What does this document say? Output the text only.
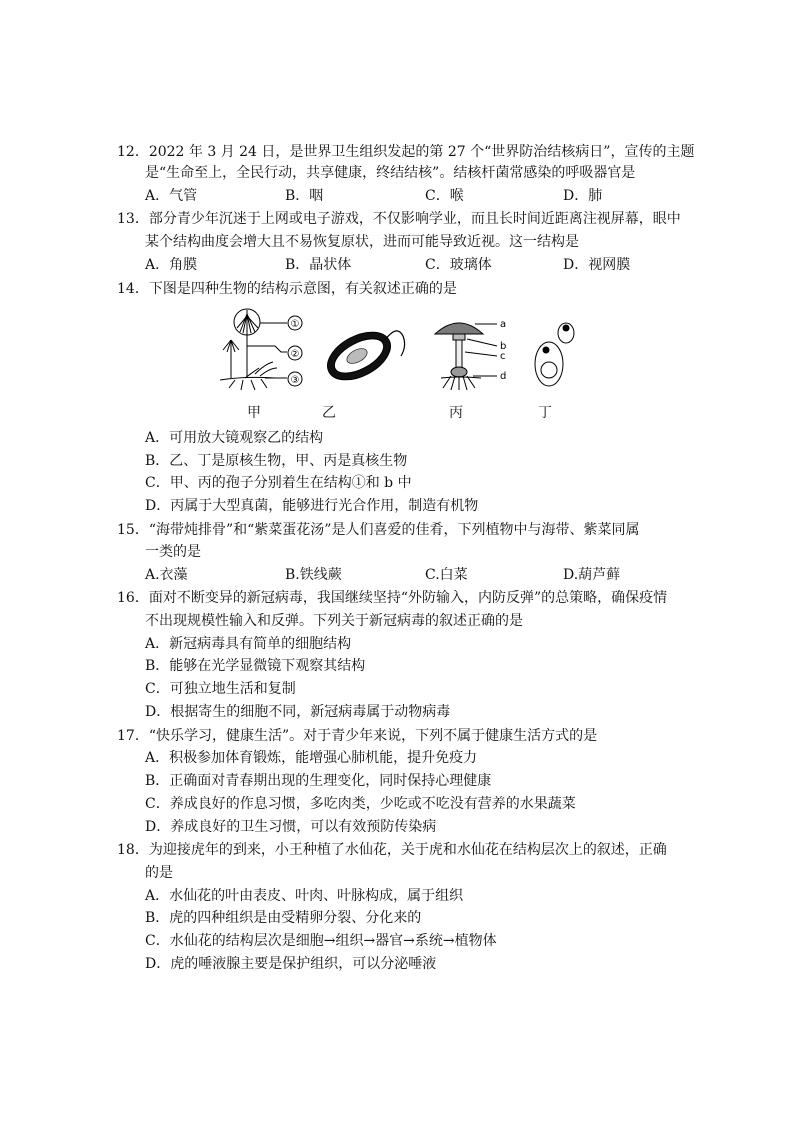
12．2022 年 3 月 24 日，是世界卫生组织发起的第 27 个“世界防治结核病日”，宣传的主题
是“生命至上，全民行动，共享健康，终结结核”。结核杆菌常感染的呼吸器官是
A．气管	B．咽	C．喉	D．肺
13．部分青少年沉迷于上网或电子游戏，不仅影响学业，而且长时间近距离注视屏幕，眼中
某个结构曲度会增大且不易恢复原状，进而可能导致近视。这一结构是
A．角膜	B．晶状体	C．玻璃体	D．视网膜
14．下图是四种生物的结构示意图，有关叙述正确的是
①
②
③
a
b
c
d
甲	乙	丙	丁
A．可用放大镜观察乙的结构
B．乙、丁是原核生物，甲、丙是真核生物
C．甲、丙的孢子分别着生在结构①和 b 中
D．丙属于大型真菌，能够进行光合作用，制造有机物
15．“海带炖排骨”和“紫菜蛋花汤”是人们喜爱的佳肴，下列植物中与海带、紫菜同属
一类的是
A.衣藻	B.铁线蕨	C.白菜	D.葫芦藓
16．面对不断变异的新冠病毒，我国继续坚持“外防输入，内防反弹”的总策略，确保疫情
不出现规模性输入和反弹。下列关于新冠病毒的叙述正确的是
A．新冠病毒具有简单的细胞结构
B．能够在光学显微镜下观察其结构
C．可独立地生活和复制
D．根据寄生的细胞不同，新冠病毒属于动物病毒
17．“快乐学习，健康生活”。对于青少年来说，下列不属于健康生活方式的是
A．积极参加体育锻炼，能增强心肺机能，提升免疫力
B．正确面对青春期出现的生理变化，同时保持心理健康
C．养成良好的作息习惯，多吃肉类，少吃或不吃没有营养的水果蔬菜
D．养成良好的卫生习惯，可以有效预防传染病
18．为迎接虎年的到来，小王种植了水仙花，关于虎和水仙花在结构层次上的叙述，正确
的是
A．水仙花的叶由表皮、叶肉、叶脉构成，属于组织
B．虎的四种组织是由受精卵分裂、分化来的
C．水仙花的结构层次是细胞→组织→器官→系统→植物体
D．虎的唾液腺主要是保护组织，可以分泌唾液
